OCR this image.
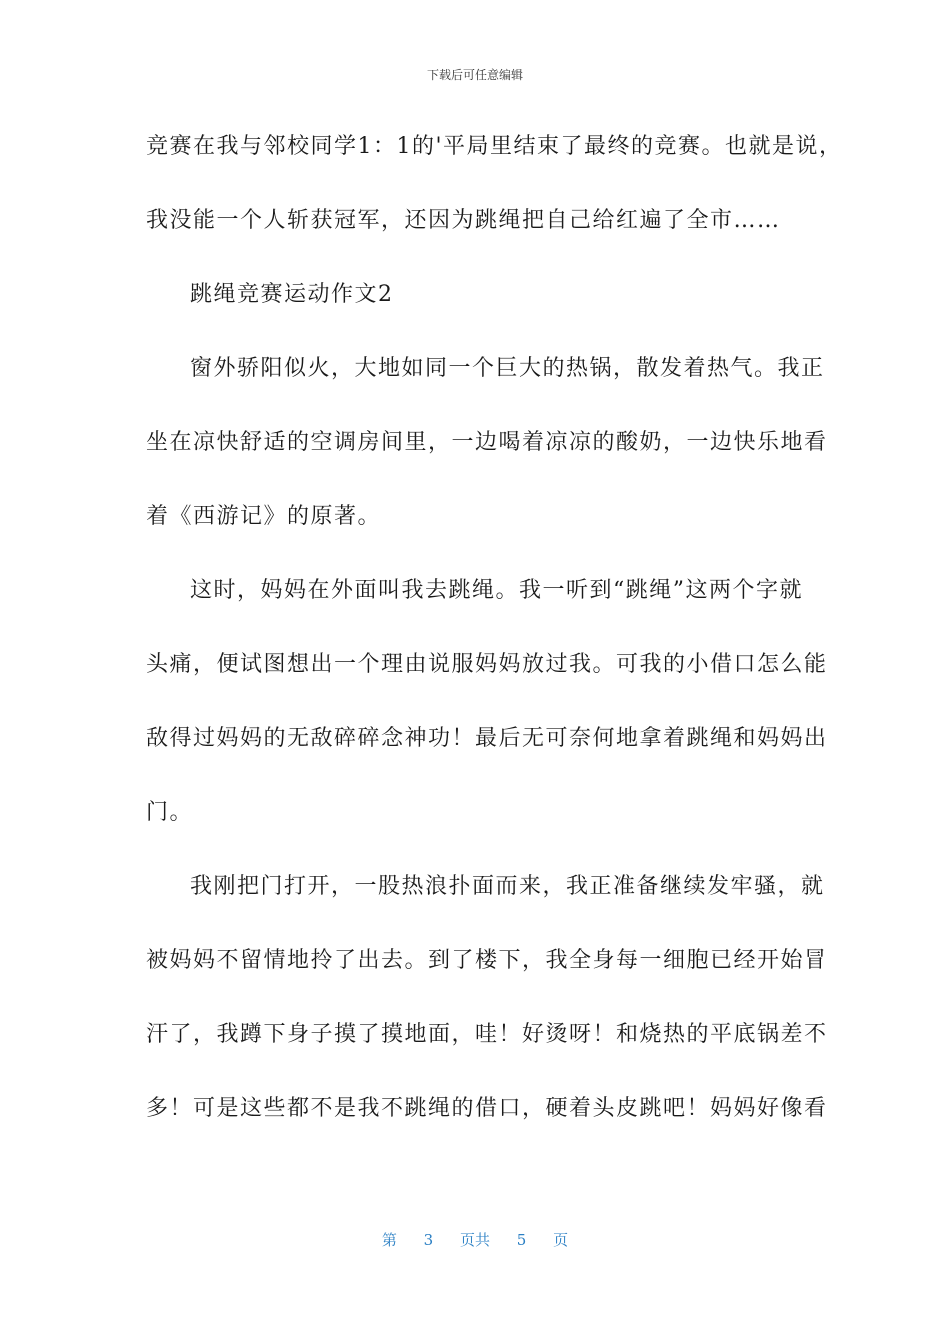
下载后可任意编辑
竞赛在我与邻校同学1：1的'平局里结束了最终的竞赛。也就是说，
我没能一个人斩获冠军，还因为跳绳把自己给红遍了全市……
跳绳竞赛运动作文2
窗外骄阳似火，大地如同一个巨大的热锅，散发着热气。我正
坐在凉快舒适的空调房间里，一边喝着凉凉的酸奶，一边快乐地看
着《西游记》的原著。
这时，妈妈在外面叫我去跳绳。我一听到“跳绳”这两个字就
头痛，便试图想出一个理由说服妈妈放过我。可我的小借口怎么能
敌得过妈妈的无敌碎碎念神功！最后无可奈何地拿着跳绳和妈妈出
门。
我刚把门打开，一股热浪扑面而来，我正准备继续发牢骚，就
被妈妈不留情地拎了出去。到了楼下，我全身每一细胞已经开始冒
汗了，我蹲下身子摸了摸地面，哇！好烫呀！和烧热的平底锅差不
多！可是这些都不是我不跳绳的借口，硬着头皮跳吧！妈妈好像看
第 3 页共 5 页
